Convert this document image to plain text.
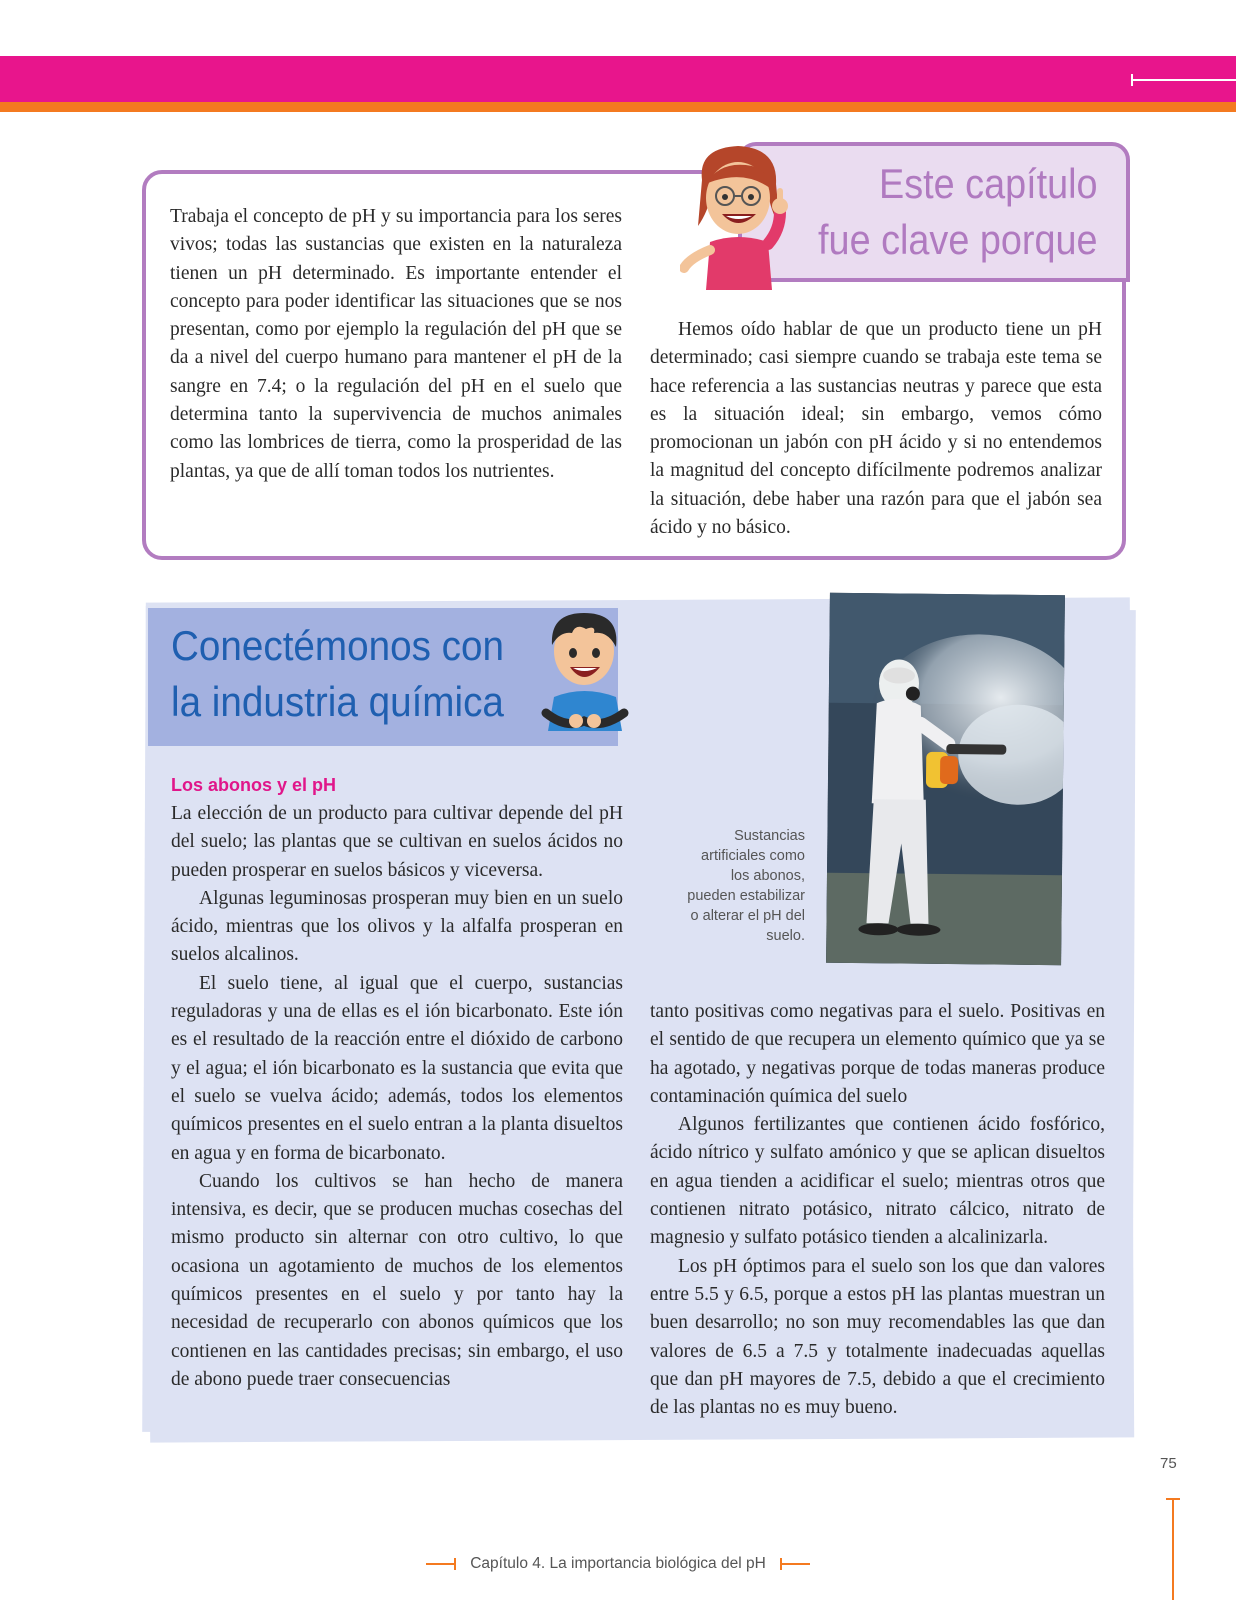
Este capítulo
fue clave porque

Trabaja el concepto de pH y su importancia para los seres vivos; todas las sustancias que existen en la naturaleza tienen un pH determinado. Es importante entender el concepto para poder identificar las situaciones que se nos presentan, como por ejemplo la regulación del pH que se da a nivel del cuerpo humano para mantener el pH de la sangre en 7.4; o la regulación del pH en el suelo que determina tanto la supervivencia de muchos animales como las lombrices de tierra, como la prosperidad de las plantas, ya que de allí toman todos los nutrientes.

Hemos oído hablar de que un producto tiene un pH determinado; casi siempre cuando se trabaja este tema se hace referencia a las sustancias neutras y parece que esta es la situación ideal; sin embargo, vemos cómo promocionan un jabón con pH ácido y si no entendemos la magnitud del concepto difícilmente podremos analizar la situación, debe haber una razón para que el jabón sea ácido y no básico.

Conectémonos con
la industria química
Los abonos y el pH

La elección de un producto para cultivar depende del pH del suelo; las plantas que se cultivan en suelos ácidos no pueden prosperar en suelos básicos y viceversa.

Algunas leguminosas prosperan muy bien en un suelo ácido, mientras que los olivos y la alfalfa prosperan en suelos alcalinos.

El suelo tiene, al igual que el cuerpo, sustancias reguladoras y una de ellas es el ión bicarbonato. Este ión es el resultado de la reacción entre el dióxido de carbono y el agua; el ión bicarbonato es la sustancia que evita que el suelo se vuelva ácido; además, todos los elementos químicos presentes en el suelo entran a la planta disueltos en agua y en forma de bicarbonato.

Cuando los cultivos se han hecho de manera intensiva, es decir, que se producen muchas cosechas del mismo producto sin alternar con otro cultivo, lo que ocasiona un agotamiento de muchos de los elementos químicos presentes en el suelo y por tanto hay la necesidad de recuperarlo con abonos químicos que los contienen en las cantidades precisas; sin embargo, el uso de abono puede traer consecuencias

Sustancias
artificiales como
los abonos,
pueden estabilizar
o alterar el pH del
suelo.

tanto positivas como negativas para el suelo. Positivas en el sentido de que recupera un elemento químico que ya se ha agotado, y negativas porque de todas maneras produce contaminación química del suelo

Algunos fertilizantes que contienen ácido fosfórico, ácido nítrico y sulfato amónico y que se aplican disueltos en agua tienden a acidificar el suelo; mientras otros que contienen nitrato potásico, nitrato cálcico, nitrato de magnesio y sulfato potásico tienden a alcalinizarla.

Los pH óptimos para el suelo son los que dan valores entre 5.5 y 6.5, porque a estos pH las plantas muestran un buen desarrollo; no son muy recomendables las que dan valores de 6.5 a 7.5 y totalmente inadecuadas aquellas que dan pH mayores de 7.5, debido a que el crecimiento de las plantas no es muy bueno.

75
Capítulo 4. La importancia biológica del pH
